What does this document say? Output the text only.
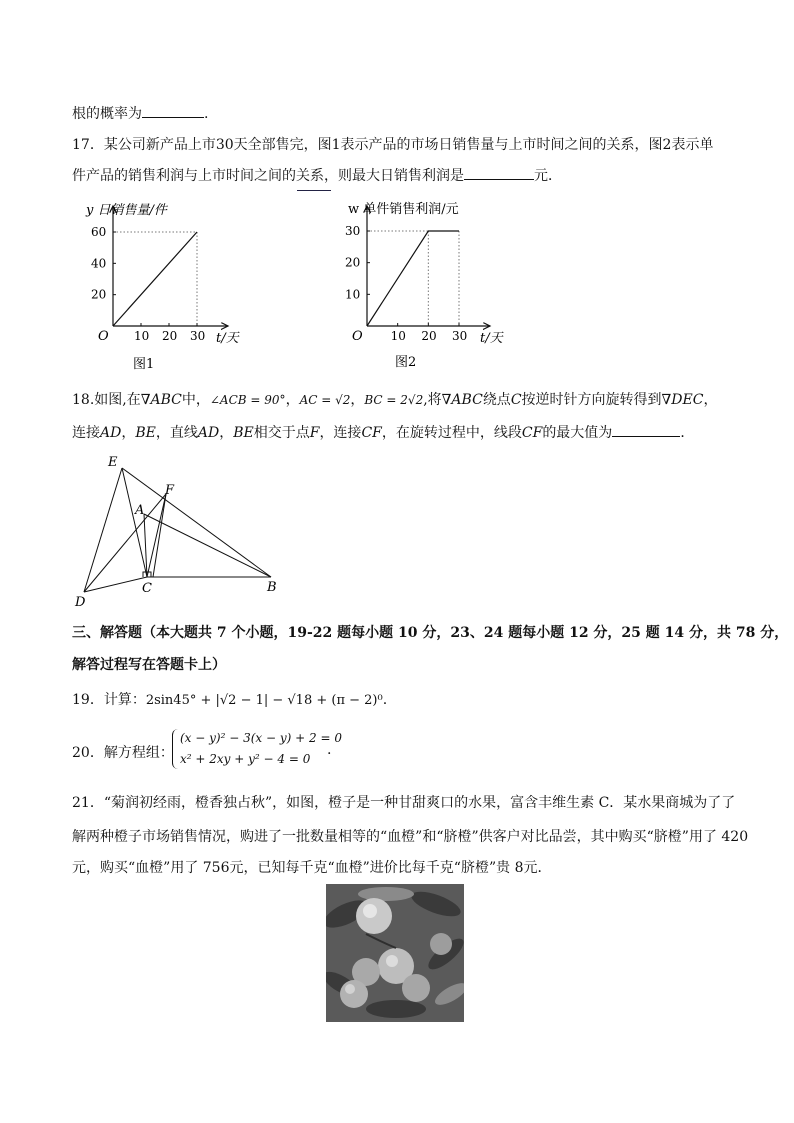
根的概率为	.
17．某公司新产品上市30天全部售完，图1表示产品的市场日销售量与上市时间之间的关系，图2表示单
件产品的销售利润与上市时间之间的关系，则最大日销售利润是	元．
10 20 30
20
40
60
y 日销售量/件
O	t/天
图1
10 20 30
10
20
30
w 单件销售利润/元
O	t/天
图2
18.如图,在∇ABC中，∠ACB = 90°，AC = √2，BC = 2√2,将∇ABC绕点C按逆时针方向旋转得到∇DEC，
连接AD，BE，直线AD，BE相交于点F，连接CF，在旋转过程中，线段CF的最大值为	．
E
F
A
D
C	B
三、解答题（本大题共 7 个小题，19-22 题每小题 10 分，23、24 题每小题 12 分，25 题 14 分，共 78 分，
解答过程写在答题卡上）
19．计算：2sin45° + |√2 − 1| − √18 + (π − 2)⁰.
20．解方程组：
(x − y)² − 3(x − y) + 2 = 0
x² + 2xy + y² − 4 = 0
.
21．“菊润初经雨，橙香独占秋”，如图，橙子是一种甘甜爽口的水果，富含丰维生素 C．某水果商城为了了
解两种橙子市场销售情况，购进了一批数量相等的“血橙”和“脐橙”供客户对比品尝，其中购买“脐橙”用了 420
元，购买“血橙”用了 756元，已知每千克“血橙”进价比每千克“脐橙”贵 8元．
